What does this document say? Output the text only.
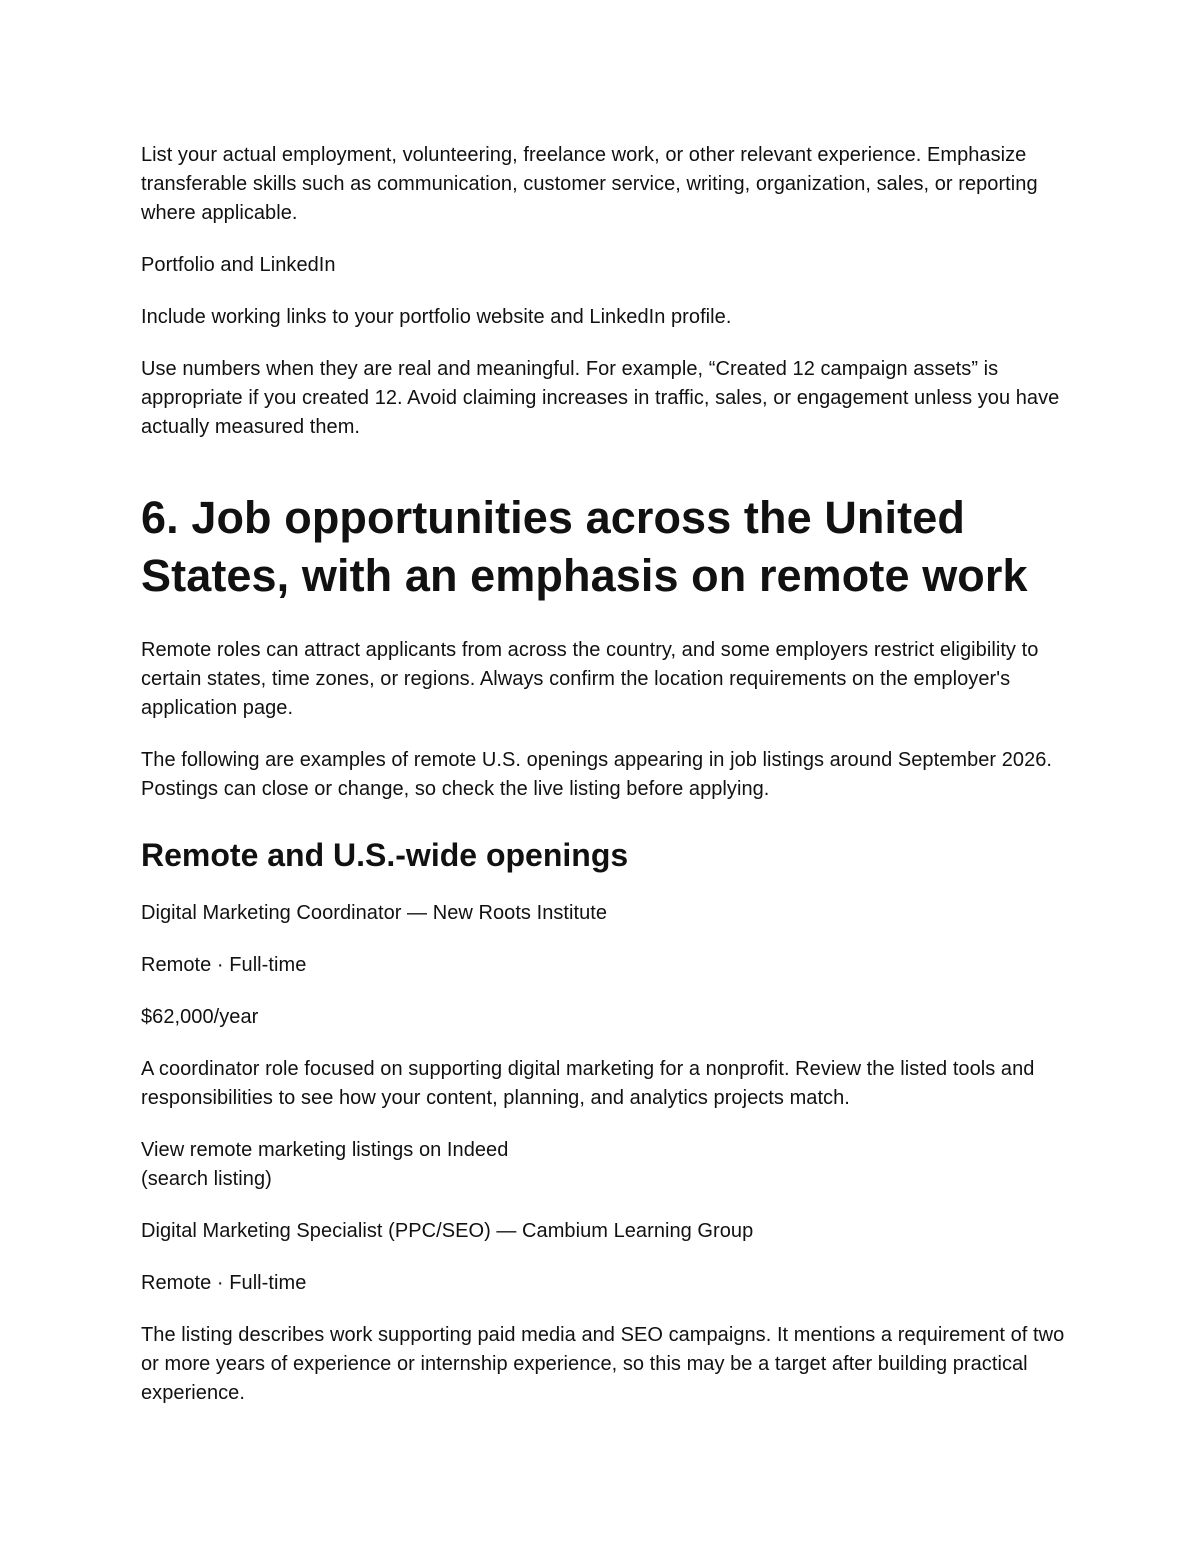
List your actual employment, volunteering, freelance work, or other relevant experience. Emphasize transferable skills such as communication, customer service, writing, organization, sales, or reporting where applicable.

Portfolio and LinkedIn

Include working links to your portfolio website and LinkedIn profile.

Use numbers when they are real and meaningful. For example, “Created 12 campaign assets” is appropriate if you created 12. Avoid claiming increases in traffic, sales, or engagement unless you have actually measured them.

6. Job opportunities across the United States, with an emphasis on remote work

Remote roles can attract applicants from across the country, and some employers restrict eligibility to certain states, time zones, or regions. Always confirm the location requirements on the employer's application page.

The following are examples of remote U.S. openings appearing in job listings around September 2026. Postings can close or change, so check the live listing before applying.

Remote and U.S.-wide openings

Digital Marketing Coordinator — New Roots Institute

Remote · Full-time

$62,000/year

A coordinator role focused on supporting digital marketing for a nonprofit. Review the listed tools and responsibilities to see how your content, planning, and analytics projects match.

View remote marketing listings on Indeed

(search listing)

Digital Marketing Specialist (PPC/SEO) — Cambium Learning Group

Remote · Full-time

The listing describes work supporting paid media and SEO campaigns. It mentions a requirement of two or more years of experience or internship experience, so this may be a target after building practical experience.
